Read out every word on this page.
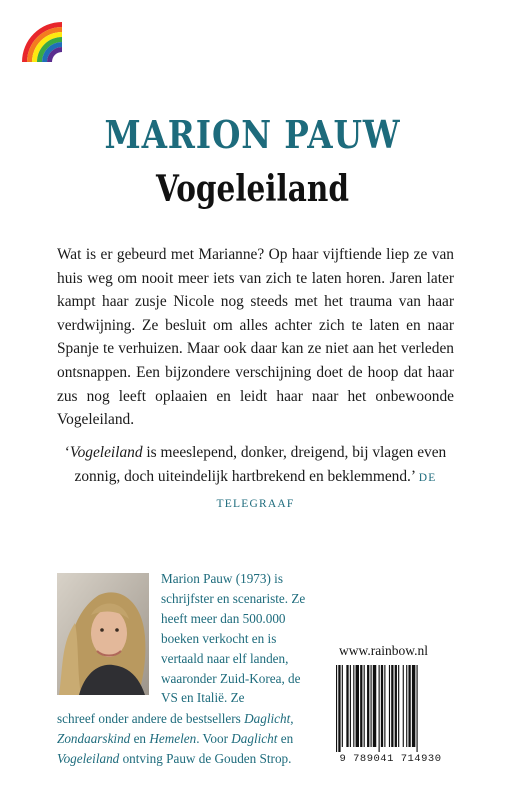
MARION PAUW
Vogeleiland

Wat is er gebeurd met Marianne? Op haar vijftiende liep ze van huis weg om nooit meer iets van zich te laten horen. Jaren later kampt haar zusje Nicole nog steeds met het trauma van haar verdwijning. Ze besluit om alles achter zich te laten en naar Spanje te verhuizen. Maar ook daar kan ze niet aan het verleden ontsnappen. Een bijzondere verschijning doet de hoop dat haar zus nog leeft oplaaien en leidt haar naar het onbewoonde Vogeleiland.

‘Vogeleiland is meeslepend, donker, dreigend, bij vlagen even zonnig, doch uiteindelijk hartbrekend en beklemmend.’ DE TELEGRAAF

Marion Pauw (1973) is schrijfster en scenariste. Ze heeft meer dan 500.000 boeken verkocht en is vertaald naar elf landen, waaronder Zuid-Korea, de VS en Italië. Ze

schreef onder andere de bestsellers Daglicht, Zondaarskind en Hemelen. Voor Daglicht en Vogeleiland ontving Pauw de Gouden Strop.

www.rainbow.nl
9 789041 714930
